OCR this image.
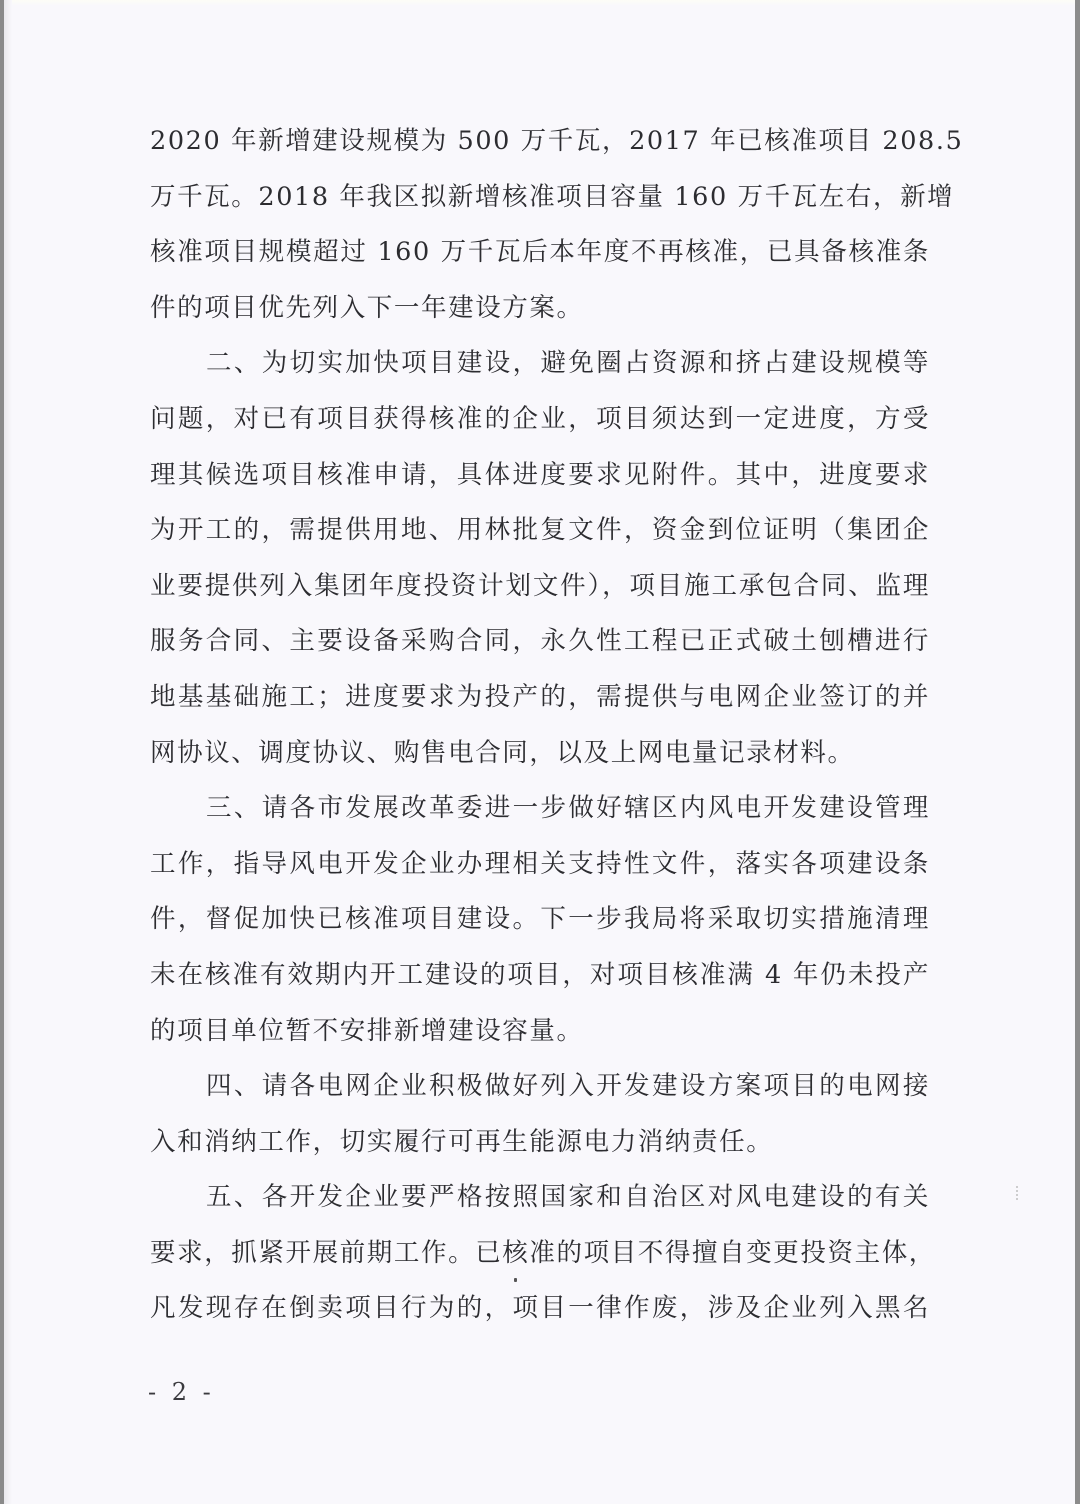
2020 年新增建设规模为 500 万千瓦，2017 年已核准项目 208.5
万千瓦。2018 年我区拟新增核准项目容量 160 万千瓦左右，新增
核准项目规模超过 160 万千瓦后本年度不再核准，已具备核准条
件的项目优先列入下一年建设方案。
二、为切实加快项目建设，避免圈占资源和挤占建设规模等
问题，对已有项目获得核准的企业，项目须达到一定进度，方受
理其候选项目核准申请，具体进度要求见附件。其中，进度要求
为开工的，需提供用地、用林批复文件，资金到位证明（集团企
业要提供列入集团年度投资计划文件），项目施工承包合同、监理
服务合同、主要设备采购合同，永久性工程已正式破土刨槽进行
地基基础施工；进度要求为投产的，需提供与电网企业签订的并
网协议、调度协议、购售电合同，以及上网电量记录材料。
三、请各市发展改革委进一步做好辖区内风电开发建设管理
工作，指导风电开发企业办理相关支持性文件，落实各项建设条
件，督促加快已核准项目建设。下一步我局将采取切实措施清理
未在核准有效期内开工建设的项目，对项目核准满 4 年仍未投产
的项目单位暂不安排新增建设容量。
四、请各电网企业积极做好列入开发建设方案项目的电网接
入和消纳工作，切实履行可再生能源电力消纳责任。
五、各开发企业要严格按照国家和自治区对风电建设的有关
要求，抓紧开展前期工作。已核准的项目不得擅自变更投资主体，
凡发现存在倒卖项目行为的，项目一律作废，涉及企业列入黑名
- 2 -
